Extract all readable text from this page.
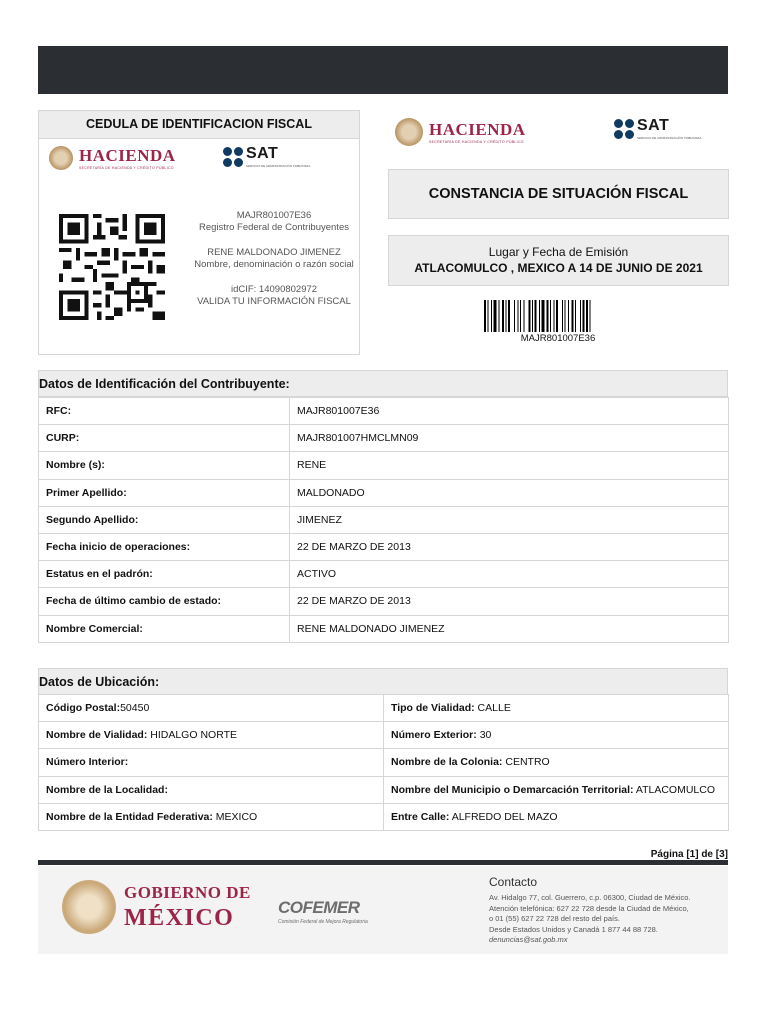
CEDULA DE IDENTIFICACION FISCAL
HACIENDA
SECRETARÍA DE HACIENDA Y CRÉDITO PÚBLICO
SAT
SERVICIO DE ADMINISTRACIÓN TRIBUTARIA
MAJR801007E36
Registro Federal de Contribuyentes
RENE MALDONADO JIMENEZ
Nombre, denominación o razón social
idCIF: 14090802972
VALIDA TU INFORMACIÓN FISCAL
HACIENDA
SECRETARÍA DE HACIENDA Y CRÉDITO PÚBLICO
SAT
SERVICIO DE ADMINISTRACIÓN TRIBUTARIA
CONSTANCIA DE SITUACIÓN FISCAL
Lugar y Fecha de Emisión
ATLACOMULCO , MEXICO A 14 DE JUNIO DE 2021
MAJR801007E36
Datos de Identificación del Contribuyente:
RFC:	MAJR801007E36
CURP:	MAJR801007HMCLMN09
Nombre (s):	RENE
Primer Apellido:	MALDONADO
Segundo Apellido:	JIMENEZ
Fecha inicio de operaciones:	22 DE MARZO DE 2013
Estatus en el padrón:	ACTIVO
Fecha de último cambio de estado:	22 DE MARZO DE 2013
Nombre Comercial:	RENE MALDONADO JIMENEZ
Datos de Ubicación:
Código Postal:50450	Tipo de Vialidad: CALLE
Nombre de Vialidad: HIDALGO NORTE	Número Exterior: 30
Número Interior:	Nombre de la Colonia: CENTRO
Nombre de la Localidad:	Nombre del Municipio o Demarcación Territorial: ATLACOMULCO
Nombre de la Entidad Federativa: MEXICO	Entre Calle: ALFREDO DEL MAZO
Página [1] de [3]
GOBIERNO DE
MÉXICO	COFEMER
Comisión Federal de Mejora Regulatoria
Contacto
Av. Hidalgo 77, col. Guerrero, c.p. 06300, Ciudad de México.
Atención telefónica: 627 22 728 desde la Ciudad de México,
o 01 (55) 627 22 728 del resto del país.
Desde Estados Unidos y Canadá 1 877 44 88 728.
denuncias@sat.gob.mx
